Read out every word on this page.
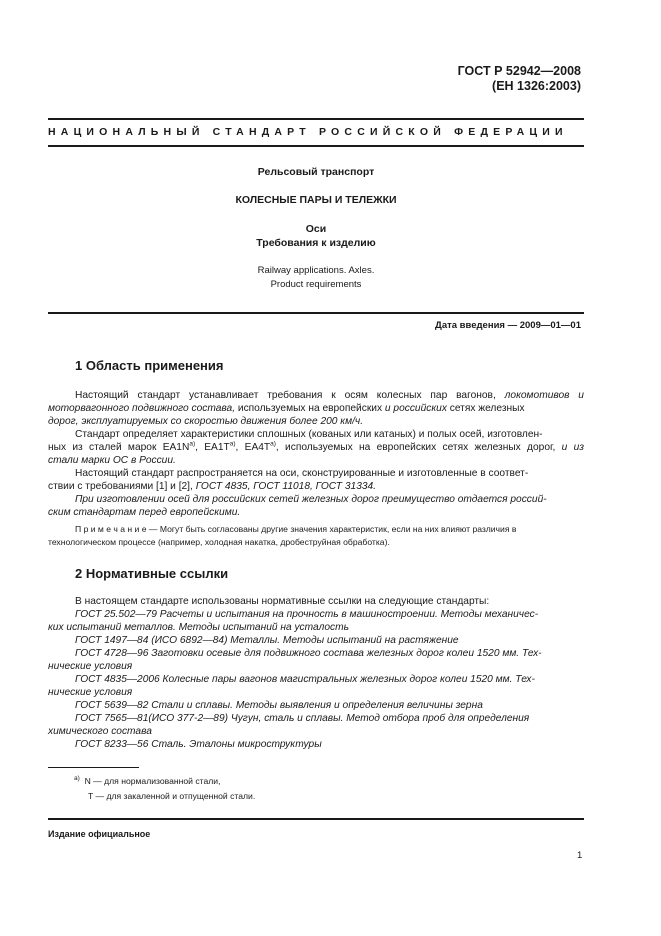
ГОСТ Р 52942—2008
(ЕН 1326:2003)
НАЦИОНАЛЬНЫЙ СТАНДАРТ РОССИЙСКОЙ ФЕДЕРАЦИИ
Рельсовый транспорт
КОЛЕСНЫЕ ПАРЫ И ТЕЛЕЖКИ
Оси
Требования к изделию
Railway applications. Axles.
Product requirements
Дата введения — 2009—01—01
1 Область применения
Настоящий стандарт устанавливает требования к осям колесных пар вагонов, локомотивов и
моторвагонного подвижного состава, используемых на европейских и российских сетях железных
дорог, эксплуатируемых со скоростью движения более 200 км/ч.
Стандарт определяет характеристики сплошных (кованых или катаных) и полых осей, изготовлен-
ных из сталей марок $EA1N^{а)}$, $EA1T^{а)}$, $EA4T^{а)}$, используемых на европейских сетях железных дорог, и из
стали марки ОС в России.
Настоящий стандарт распространяется на оси, сконструированные и изготовленные в соответ-
ствии с требованиями [1] и [2], ГОСТ 4835, ГОСТ 11018, ГОСТ 31334.
При изготовлении осей для российских сетей железных дорог преимущество отдается россий-
ским стандартам перед европейскими.
П р и м е ч а н и е — Могут быть согласованы другие значения характеристик, если на них влияют различия в
технологическом процессе (например, холодная накатка, дробеструйная обработка).
2 Нормативные ссылки
В настоящем стандарте использованы нормативные ссылки на следующие стандарты:
ГОСТ 25.502—79 Расчеты и испытания на прочность в машиностроении. Методы механичес-
ких испытаний металлов. Методы испытаний на усталость
ГОСТ 1497—84 (ИСО 6892—84) Металлы. Методы испытаний на растяжение
ГОСТ 4728—96 Заготовки осевые для подвижного состава железных дорог колеи 1520 мм. Тех-
нические условия
ГОСТ 4835—2006 Колесные пары вагонов магистральных железных дорог колеи 1520 мм. Тех-
нические условия
ГОСТ 5639—82 Стали и сплавы. Методы выявления и определения величины зерна
ГОСТ 7565—81(ИСО 377-2—89) Чугун, сталь и сплавы. Метод отбора проб для определения
химического состава
ГОСТ 8233—56 Сталь. Эталоны микроструктуры
$^{а)}$ N — для нормализованной стали,
T — для закаленной и отпущенной стали.
Издание официальное
1
